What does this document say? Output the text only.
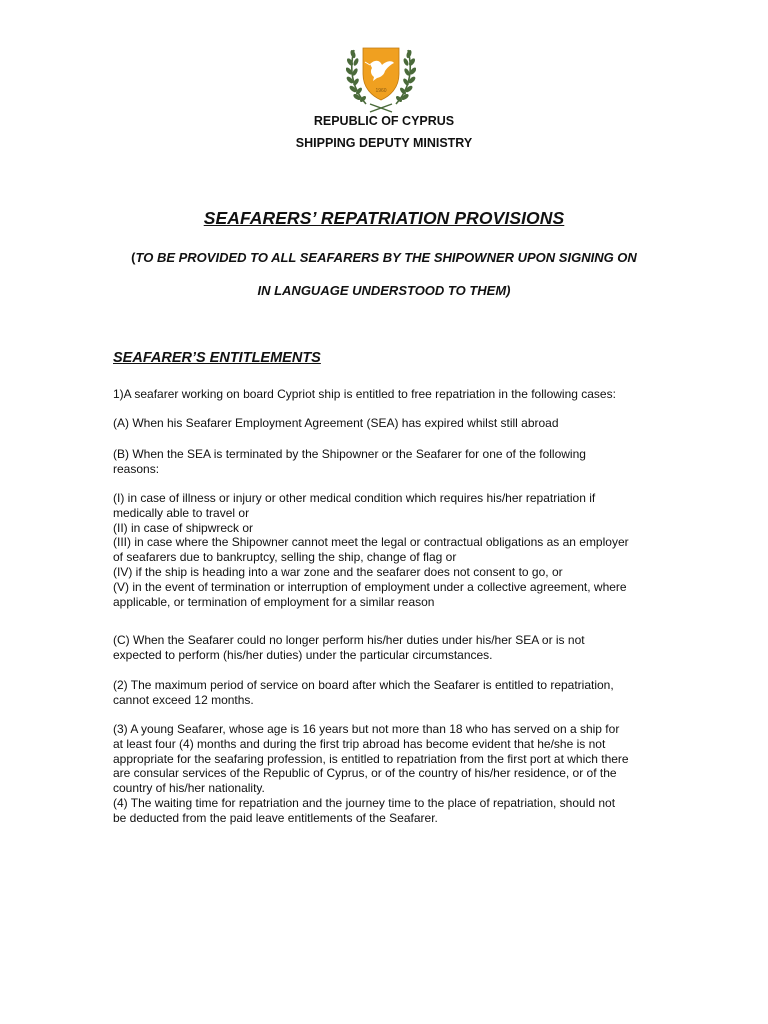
1960
REPUBLIC OF CYPRUS
SHIPPING DEPUTY MINISTRY
SEAFARERS’ REPATRIATION PROVISIONS
(TO BE PROVIDED TO ALL SEAFARERS BY THE SHIPOWNER UPON SIGNING ON
IN LANGUAGE UNDERSTOOD TO THEM)
SEAFARER’S ENTITLEMENTS
1)A seafarer working on board Cypriot ship is entitled to free repatriation in the following cases:
(A) When his Seafarer Employment Agreement (SEA) has expired whilst still abroad
(B) When the SEA is terminated by the Shipowner or the Seafarer for one of the following
reasons:
(I) in case of illness or injury or other medical condition which requires his/her repatriation if
medically able to travel or
(II) in case of shipwreck or
(III) in case where the Shipowner cannot meet the legal or contractual obligations as an employer
of seafarers due to bankruptcy, selling the ship, change of flag or
(IV) if the ship is heading into a war zone and the seafarer does not consent to go, or
(V) in the event of termination or interruption of employment under a collective agreement, where
applicable, or termination of employment for a similar reason
(C) When the Seafarer could no longer perform his/her duties under his/her SEA or is not
expected to perform (his/her duties) under the particular circumstances.
(2) The maximum period of service on board after which the Seafarer is entitled to repatriation,
cannot exceed 12 months.
(3) A young Seafarer, whose age is 16 years but not more than 18 who has served on a ship for
at least four (4) months and during the first trip abroad has become evident that he/she is not
appropriate for the seafaring profession, is entitled to repatriation from the first port at which there
are consular services of the Republic of Cyprus, or of the country of his/her residence, or of the
country of his/her nationality.
(4) The waiting time for repatriation and the journey time to the place of repatriation, should not
be deducted from the paid leave entitlements of the Seafarer.
